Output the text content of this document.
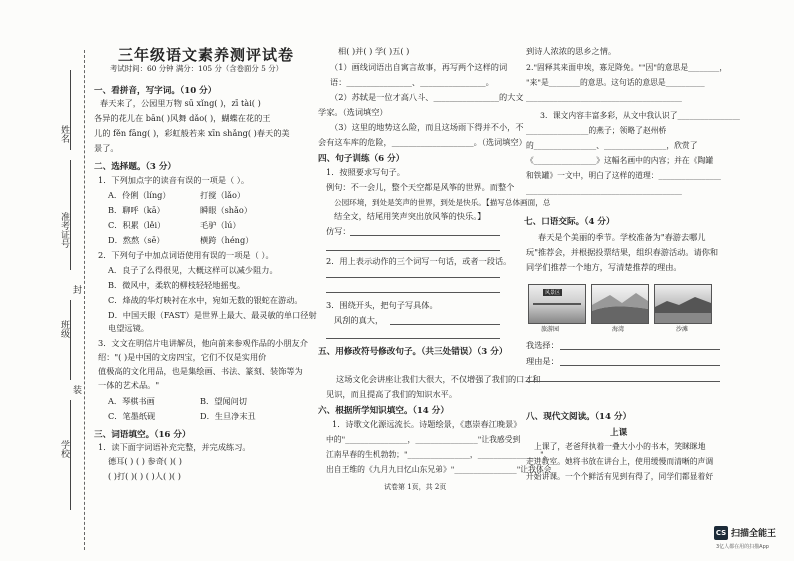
姓名
准考证号
封
班级
装
学校
三年级语文素养测评试卷
考试时间：60 分钟 满分：105 分（含卷面分 5 分）
一、看拼音，写字词。（10 分）
春天来了，公园里万物 sū xǐng( )，zī tài( )
各异的花儿在 bān( )风舞 dǎo( )，蝴蝶在花的王
儿的 fěn fāng( )，彩虹般若来 xīn shǎng( )春天的美
景了。
二、选择题。（3 分）
1．下列加点字的读音有误的一项是（ ）。
A．伶俐（líng）	打搅（lǎo）
B．聊呼（kā）	瞬眼（shǎo）
C．积累（lěi）	毛驴（lú）
D．熬熬（sē）	横跨（héng）
2．下列句子中加点词语使用有误的一项是（ ）。
A．良子了么得很见，大概这样可以减少阻力。
B．微风中，柔软的柳枝轻轻地摇曳。
C．烽战的华灯映衬在水中，宛如无数的银蛇在游动。
D．中国天眼（FAST）是世界上最大、最灵敏的单口径射
电望远镜。
3．文文在明信片电讲解员，他向前来参观作品的小朋友介
绍："( )是中国的文房四宝，它们不仅是实用价
值极高的文化用品，也是集绘画、书法、篆刻、装饰等为
一体的艺术品。"
A．琴棋书画	B．望闻问切
C．笔墨纸砚	D．生旦净末丑
三、词语填空。（16 分）
1．读下面字词语补充完整，并完成练习。
德耳( ) ( ) 参奇( )( )
( )打( )( ) ( )人( )( )
相( )并( ) 学( )五( )
（1）画线词语出自寓言故事，再写两个这样的词
语：________________、________________。
（2）苏轼是一位才高八斗、________________的大文
学家。（选词填空）
（3）这里的地势这么险，而且这场雨下得并不小，不
会有这车库的危险，____________________。（选词填空）
四、句子训练（6 分）
1．按照要求写句子。
例句：不一会儿，整个天空都是风筝的世界。而整个
公园环境，到处是笑声的世界，到处是快乐。【描写总体画面，总
结全文，结尾用笑声突出放风筝的快乐。】
仿写：
2．用上表示动作的三个词写一句话，或者一段话。
3．围绕开头，把句子写具体。
风刮的真大，
五、用修改符号修改句子。（共三处错误）（3 分）
这场文化会讲座让我们大很大，不仅增强了我们的口才和
见识，而且提高了我们的知识水平。
六、根据所学知识填空。（14 分）
1．诗歌文化源远流长。诗题绘景，《惠崇春江晚景》
中的"________________，________________"让我感受到
江南早春的生机勃勃；"________________，________________"，
出自王维的《九月九日忆山东兄弟》"________________"让我体会
试卷第 1页，共 2页
到诗人浓浓的思乡之情。
2."固释其来面申埃，寡足降免。""因"的意思是________，
"来"是________的意思。这句话的意思是__________
________________________________________
3．课文内容丰富多彩，从文中我认识了________________
________________的燕子；领略了赵州桥
的________________、________________，欣赏了
《________________》这幅名画中的内容；并在《陶罐
和铁罐》一文中，明白了这样的道理：________________
________________________________________
七、口语交际。（4 分）
春天是个美丽的季节。学校准备为"春游去哪儿
玩"推荐会，并根据投票结果，组织春游活动。请你和
同学们推荐一个地方，写清楚推荐的理由。
风景区
旅游园	海湾	沙滩
我选择：
理由是：
八、现代文阅读。（14 分）
上课
上课了，老爸拜执着一叠大小小的书本，笑眯眯地
走进教室。她将书放在讲台上，使用缓慢而清晰的声调
开始讲课。一个个鲜活有见到有得了，同学们都显着好
CS 扫描全能王
3亿人都在用的扫描App
